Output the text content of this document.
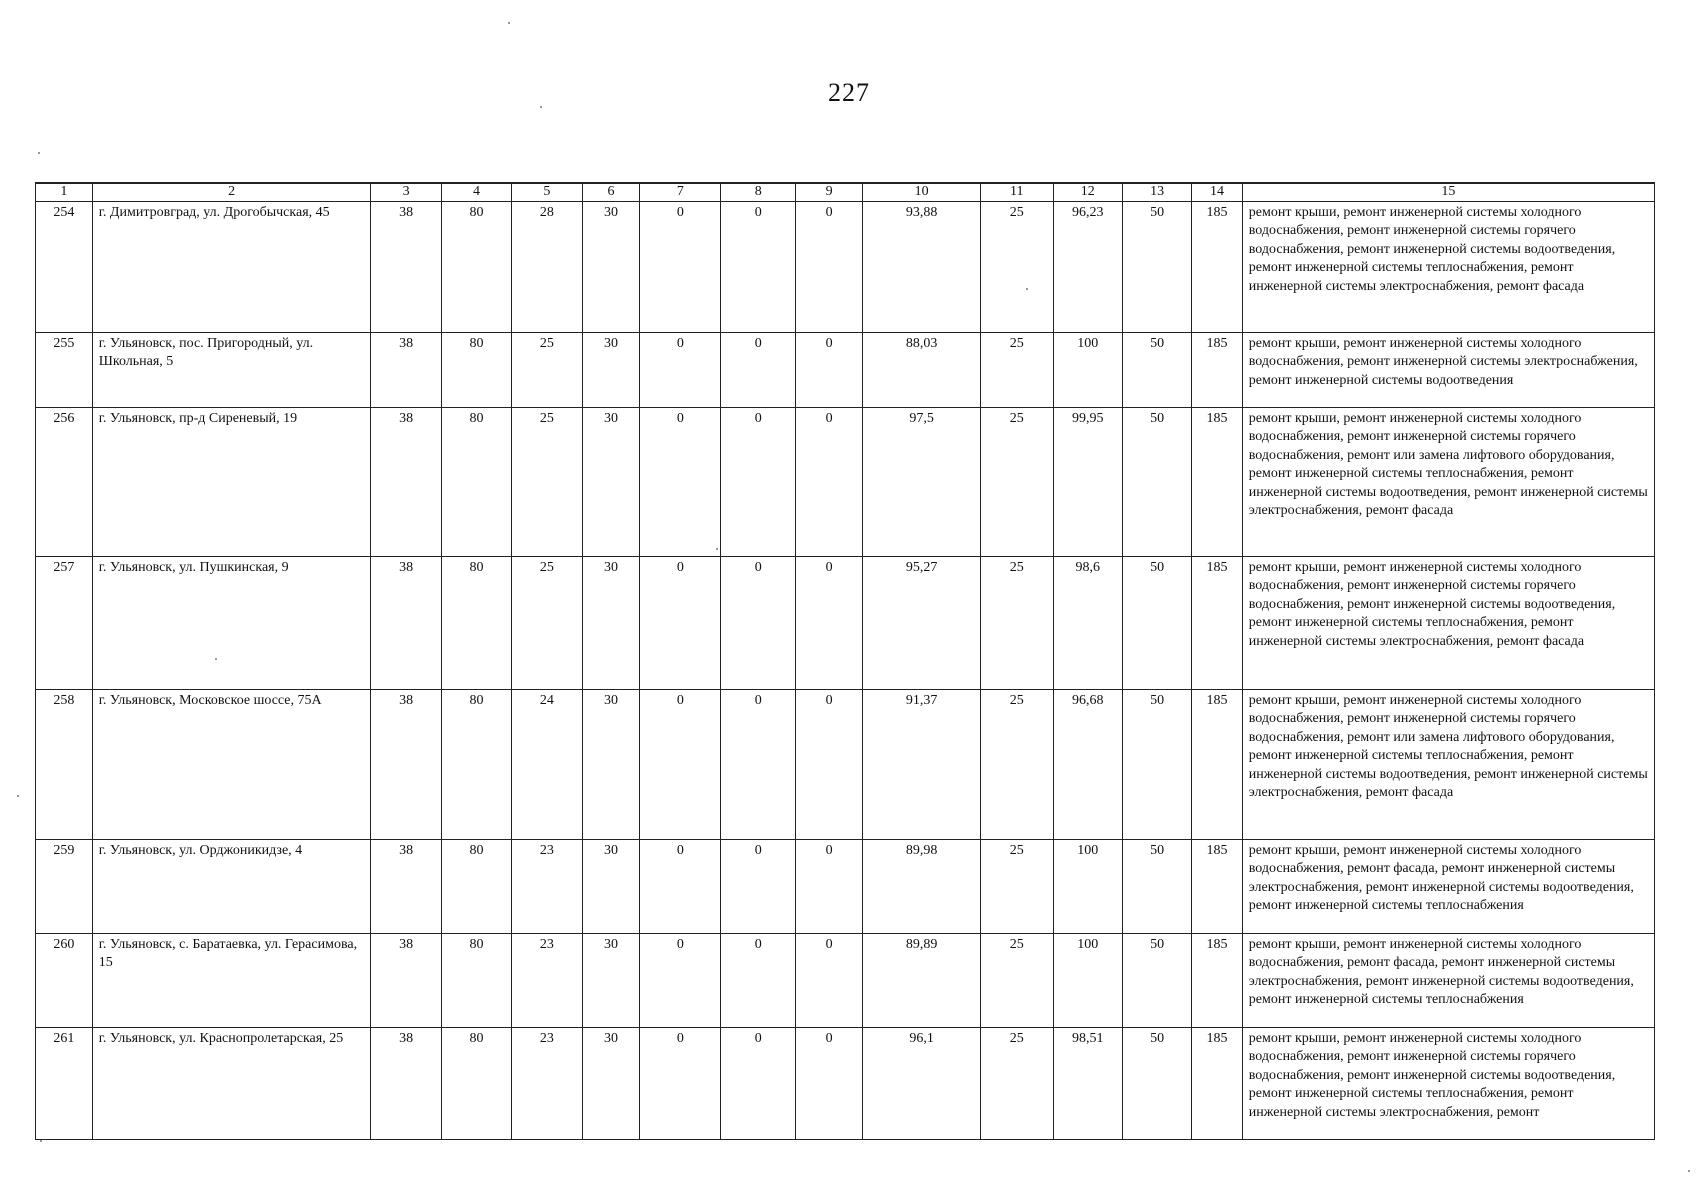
227
1	2	3	4	5	6	7	8	9	10	11	12	13	14	15
254	г. Димитровград, ул. Дрогобычская, 45	38	80	28	30	0	0	0	93,88	25	96,23	50	185	ремонт крыши, ремонт инженерной системы холодного водоснабжения, ремонт инженерной системы горячего водоснабжения, ремонт инженерной системы водоотведения, ремонт инженерной системы теплоснабжения, ремонт инженерной системы электроснабжения, ремонт фасада
255	г. Ульяновск, пос. Пригородный, ул. Школьная, 5	38	80	25	30	0	0	0	88,03	25	100	50	185	ремонт крыши, ремонт инженерной системы холодного водоснабжения, ремонт инженерной системы электроснабжения, ремонт инженерной системы водоотведения
256	г. Ульяновск, пр-д Сиреневый, 19	38	80	25	30	0	0	0	97,5	25	99,95	50	185	ремонт крыши, ремонт инженерной системы холодного водоснабжения, ремонт инженерной системы горячего водоснабжения, ремонт или замена лифтового оборудования, ремонт инженерной системы теплоснабжения, ремонт инженерной системы водоотведения, ремонт инженерной системы электроснабжения, ремонт фасада
257	г. Ульяновск, ул. Пушкинская, 9	38	80	25	30	0	0	0	95,27	25	98,6	50	185	ремонт крыши, ремонт инженерной системы холодного водоснабжения, ремонт инженерной системы горячего водоснабжения, ремонт инженерной системы водоотведения, ремонт инженерной системы теплоснабжения, ремонт инженерной системы электроснабжения, ремонт фасада
258	г. Ульяновск, Московское шоссе, 75А	38	80	24	30	0	0	0	91,37	25	96,68	50	185	ремонт крыши, ремонт инженерной системы холодного водоснабжения, ремонт инженерной системы горячего водоснабжения, ремонт или замена лифтового оборудования, ремонт инженерной системы теплоснабжения, ремонт инженерной системы водоотведения, ремонт инженерной системы электроснабжения, ремонт фасада
259	г. Ульяновск, ул. Орджоникидзе, 4	38	80	23	30	0	0	0	89,98	25	100	50	185	ремонт крыши, ремонт инженерной системы холодного водоснабжения, ремонт фасада, ремонт инженерной системы электроснабжения, ремонт инженерной системы водоотведения, ремонт инженерной системы теплоснабжения
260	г. Ульяновск, с. Баратаевка, ул. Герасимова, 15	38	80	23	30	0	0	0	89,89	25	100	50	185	ремонт крыши, ремонт инженерной системы холодного водоснабжения, ремонт фасада, ремонт инженерной системы электроснабжения, ремонт инженерной системы водоотведения, ремонт инженерной системы теплоснабжения
261	г. Ульяновск, ул. Краснопролетарская, 25	38	80	23	30	0	0	0	96,1	25	98,51	50	185	ремонт крыши, ремонт инженерной системы холодного водоснабжения, ремонт инженерной системы горячего водоснабжения, ремонт инженерной системы водоотведения, ремонт инженерной системы теплоснабжения, ремонт инженерной системы электроснабжения, ремонт
